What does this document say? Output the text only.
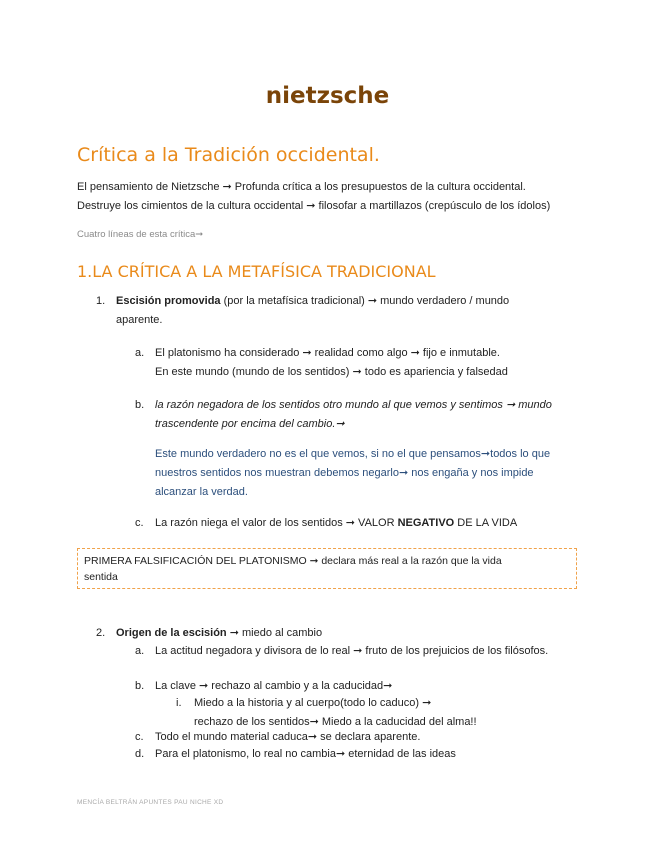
nietzsche
Crítica a la Tradición occidental.

El pensamiento de Nietzsche ➞ Profunda crítica a los presupuestos de la cultura occidental.

Destruye los cimientos de la cultura occidental ➞ filosofar a martillazos (crepúsculo de los ídolos)

Cuatro líneas de esta crítica➞
1.LA CRÍTICA A LA METAFÍSICA TRADICIONAL
1. Escisión promovida (por la metafísica tradicional) ➞ mundo verdadero / mundo
aparente.
a. El platonismo ha considerado ➞ realidad como algo ➞ fijo e inmutable.
En este mundo (mundo de los sentidos) ➞ todo es apariencia y falsedad
b. la razón negadora de los sentidos otro mundo al que vemos y sentimos ➞ mundo
trascendente por encima del cambio.➞
Este mundo verdadero no es el que vemos, si no el que pensamos➞todos lo que
nuestros sentidos nos muestran debemos negarlo➞ nos engaña y nos impide
alcanzar la verdad.
c. La razón niega el valor de los sentidos ➞ VALOR NEGATIVO DE LA VIDA
PRIMERA FALSIFICACIÓN DEL PLATONISMO ➞ declara más real a la razón que la vida
sentida
2. Origen de la escisión ➞ miedo al cambio
a. La actitud negadora y divisora de lo real ➞ fruto de los prejuicios de los filósofos.
b. La clave ➞ rechazo al cambio y a la caducidad➞
i. Miedo a la historia y al cuerpo(todo lo caduco) ➞
rechazo de los sentidos➞ Miedo a la caducidad del alma!!
c. Todo el mundo material caduca➞ se declara aparente.
d. Para el platonismo, lo real no cambia➞ eternidad de las ideas
MENCÍA BELTRÁN APUNTES PAU NICHE XD
